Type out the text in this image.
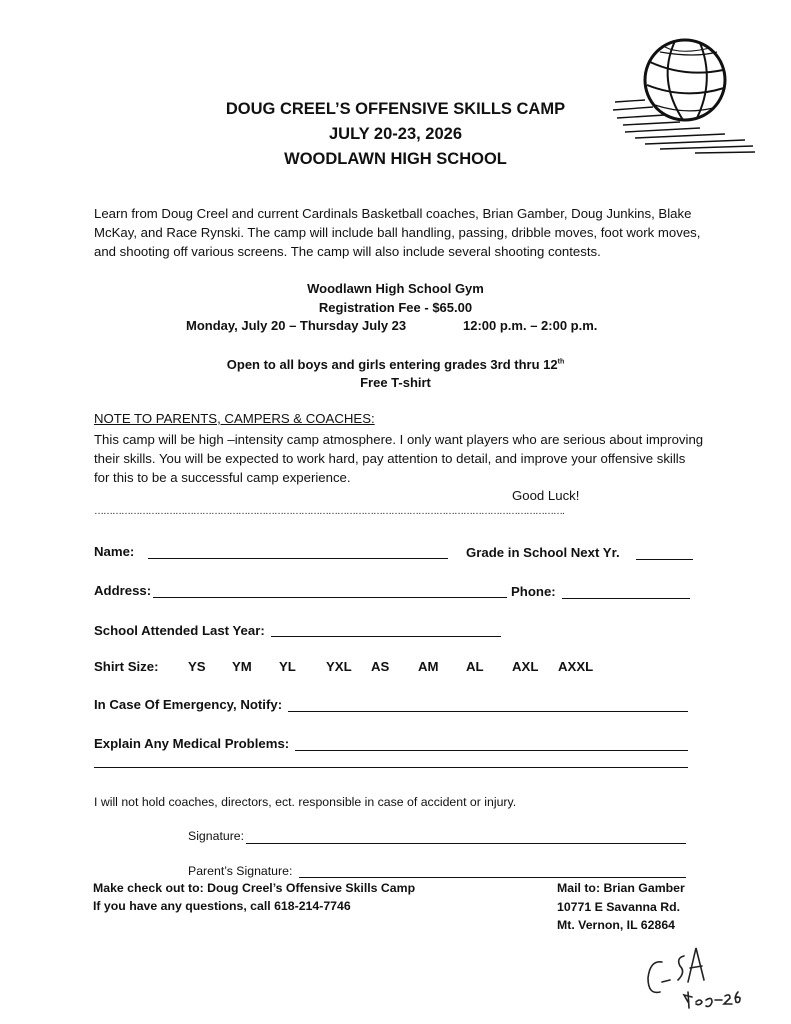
DOUG CREEL’S OFFENSIVE SKILLS CAMP
JULY 20-23, 2026
WOODLAWN HIGH SCHOOL
Learn from Doug Creel and current Cardinals Basketball coaches, Brian Gamber, Doug Junkins, Blake McKay, and Race Rynski. The camp will include ball handling, passing, dribble moves, foot work moves, and shooting off various screens. The camp will also include several shooting contests.
Woodlawn High School Gym
Registration Fee - $65.00
Monday, July 20 – Thursday July 23	12:00 p.m. – 2:00 p.m.
Open to all boys and girls entering grades 3rd thru 12th
Free T-shirt
NOTE TO PARENTS, CAMPERS & COACHES:
This camp will be high –intensity camp atmosphere. I only want players who are serious about improving their skills. You will be expected to work hard, pay attention to detail, and improve your offensive skills for this to be a successful camp experience.
Good Luck!
………………………………………………………………………………………………………………………………………….
Name:	Grade in School Next Yr.
Address:	Phone:
School Attended Last Year:
Shirt Size: YS YM YL YXL AS AM AL AXL AXXL
In Case Of Emergency, Notify:
Explain Any Medical Problems:
I will not hold coaches, directors, ect. responsible in case of accident or injury.
Signature:
Parent’s Signature:
Make check out to: Doug Creel’s Offensive Skills Camp
If you have any questions, call 618-214-7746
Mail to: Brian Gamber
10771 E Savanna Rd.
Mt. Vernon, IL 62864
